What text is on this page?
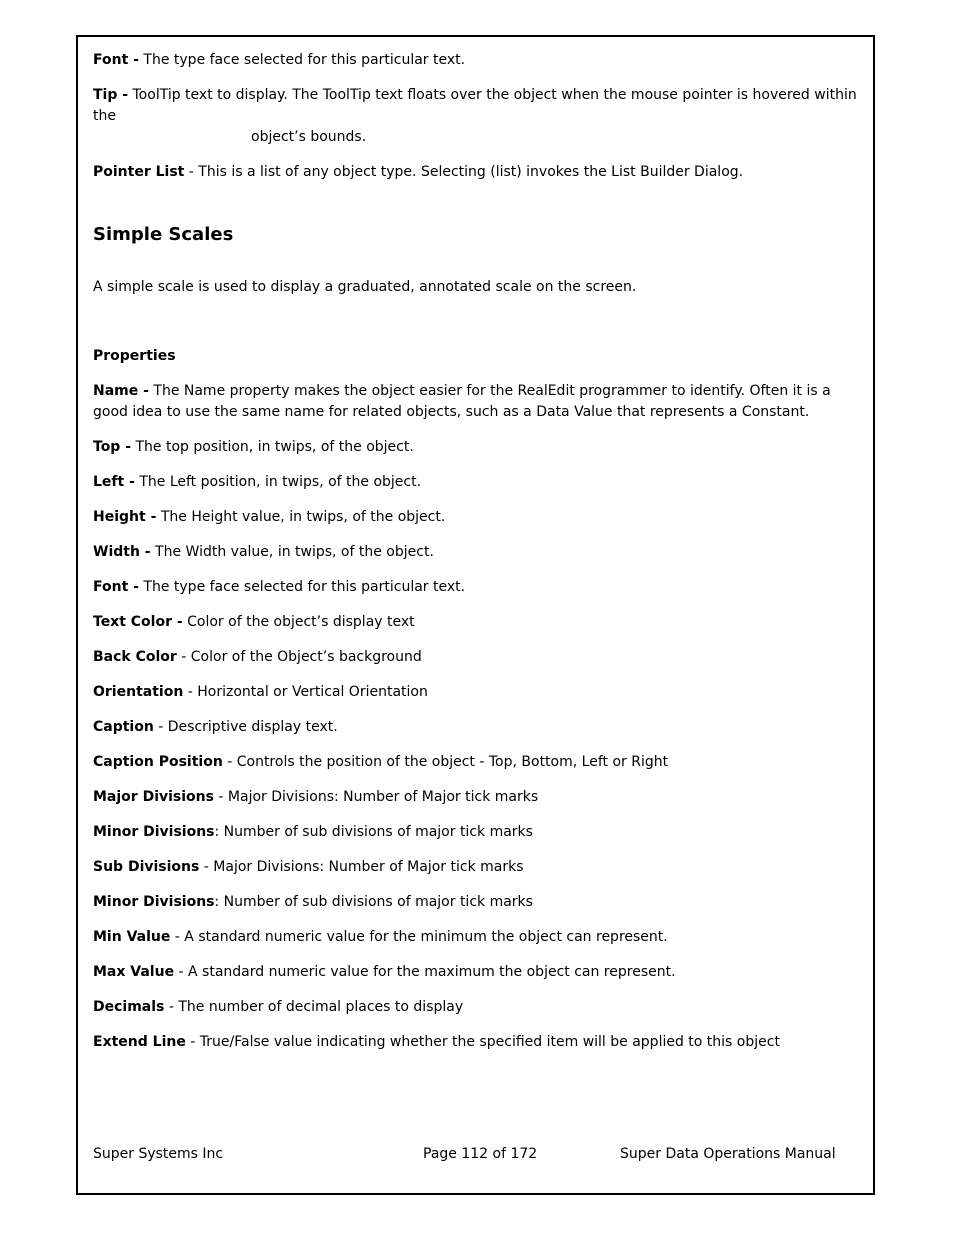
Font - The type face selected for this particular text.

Tip - ToolTip text to display. The ToolTip text floats over the object when the mouse pointer is hovered within the
object’s bounds.

Pointer List - This is a list of any object type. Selecting (list) invokes the List Builder Dialog.

Simple Scales

A simple scale is used to display a graduated, annotated scale on the screen.

Properties

Name - The Name property makes the object easier for the RealEdit programmer to identify. Often it is a good idea to use the same name for related objects, such as a Data Value that represents a Constant.

Top - The top position, in twips, of the object.

Left - The Left position, in twips, of the object.

Height - The Height value, in twips, of the object.

Width - The Width value, in twips, of the object.

Font - The type face selected for this particular text.

Text Color - Color of the object’s display text

Back Color - Color of the Object’s background

Orientation - Horizontal or Vertical Orientation

Caption - Descriptive display text.

Caption Position - Controls the position of the object - Top, Bottom, Left or Right

Major Divisions - Major Divisions: Number of Major tick marks

Minor Divisions: Number of sub divisions of major tick marks

Sub Divisions - Major Divisions: Number of Major tick marks

Minor Divisions: Number of sub divisions of major tick marks

Min Value - A standard numeric value for the minimum the object can represent.

Max Value - A standard numeric value for the maximum the object can represent.

Decimals - The number of decimal places to display

Extend Line - True/False value indicating whether the specified item will be applied to this object

Super Systems Inc	Page 112 of 172	Super Data Operations Manual
